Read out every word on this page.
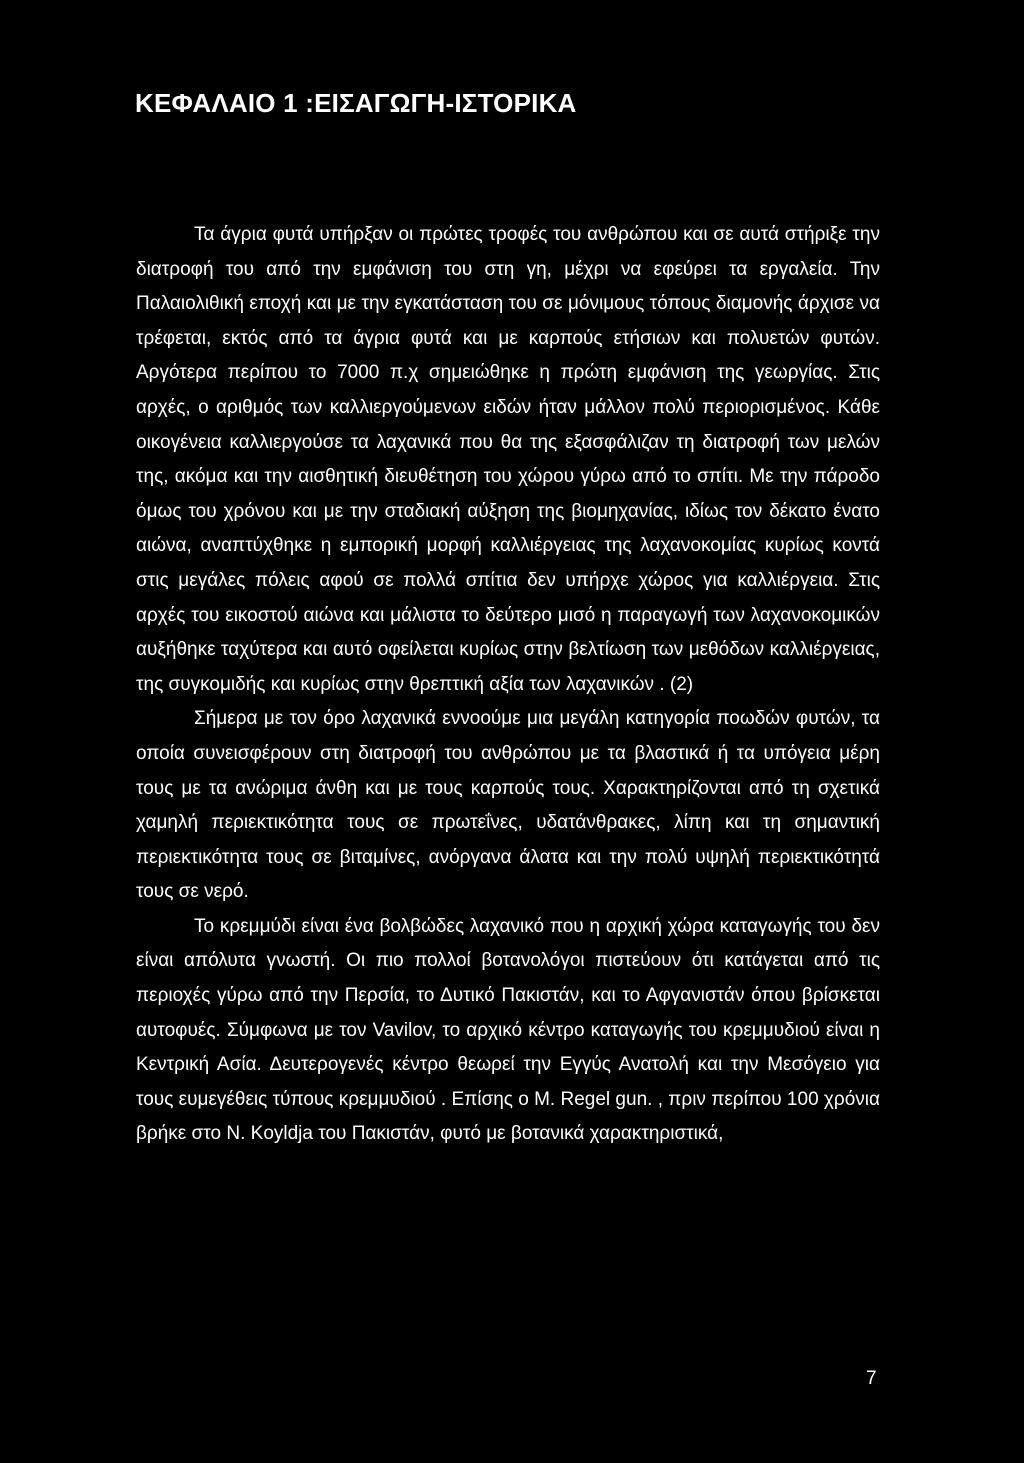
ΚΕΦΑΛΑΙΟ 1 :ΕΙΣΑΓΩΓΗ-ΙΣΤΟΡΙΚΑ

Τα άγρια φυτά υπήρξαν οι πρώτες τροφές του ανθρώπου και σε αυτά στήριξε την διατροφή του από την εμφάνιση του στη γη, μέχρι να εφεύρει τα εργαλεία. Την Παλαιολιθική εποχή και με την εγκατάσταση του σε μόνιμους τόπους διαμονής άρχισε να τρέφεται, εκτός από τα άγρια φυτά και με καρπούς ετήσιων και πολυετών φυτών. Αργότερα περίπου το 7000 π.χ σημειώθηκε η πρώτη εμφάνιση της γεωργίας. Στις αρχές, ο αριθμός των καλλιεργούμενων ειδών ήταν μάλλον πολύ περιορισμένος. Κάθε οικογένεια καλλιεργούσε τα λαχανικά που θα της εξασφάλιζαν τη διατροφή των μελών της, ακόμα και την αισθητική διευθέτηση του χώρου γύρω από το σπίτι. Με την πάροδο όμως του χρόνου και με την σταδιακή αύξηση της βιομηχανίας, ιδίως τον δέκατο ένατο αιώνα, αναπτύχθηκε η εμπορική μορφή καλλιέργειας της λαχανοκομίας κυρίως κοντά στις μεγάλες πόλεις αφού σε πολλά σπίτια δεν υπήρχε χώρος για καλλιέργεια. Στις αρχές του εικοστού αιώνα και μάλιστα το δεύτερο μισό η παραγωγή των λαχανοκομικών αυξήθηκε ταχύτερα και αυτό οφείλεται κυρίως στην βελτίωση των μεθόδων καλλιέργειας, της συγκομιδής και κυρίως στην θρεπτική αξία των λαχανικών . (2)

Σήμερα με τον όρο λαχανικά εννοούμε μια μεγάλη κατηγορία ποωδών φυτών, τα οποία συνεισφέρουν στη διατροφή του ανθρώπου με τα βλαστικά ή τα υπόγεια μέρη τους με τα ανώριμα άνθη και με τους καρπούς τους. Χαρακτηρίζονται από τη σχετικά χαμηλή περιεκτικότητα τους σε πρωτεΐνες, υδατάνθρακες, λίπη και τη σημαντική περιεκτικότητα τους σε βιταμίνες, ανόργανα άλατα και την πολύ υψηλή περιεκτικότητά τους σε νερό.

Το κρεμμύδι είναι ένα βολβώδες λαχανικό που η αρχική χώρα καταγωγής του δεν είναι απόλυτα γνωστή. Οι πιο πολλοί βοτανολόγοι πιστεύουν ότι κατάγεται από τις περιοχές γύρω από την Περσία, το Δυτικό Πακιστάν, και το Αφγανιστάν όπου βρίσκεται αυτοφυές. Σύμφωνα με τον Vavilov, το αρχικό κέντρο καταγωγής του κρεμμυδιού είναι η Κεντρική Ασία. Δευτερογενές κέντρο θεωρεί την Εγγύς Ανατολή και την Μεσόγειο για τους ευμεγέθεις τύπους κρεμμυδιού . Επίσης ο Μ. Regel gun. , πριν περίπου 100 χρόνια βρήκε στο Ν. Koyldja του Πακιστάν, φυτό με βοτανικά χαρακτηριστικά,

7
